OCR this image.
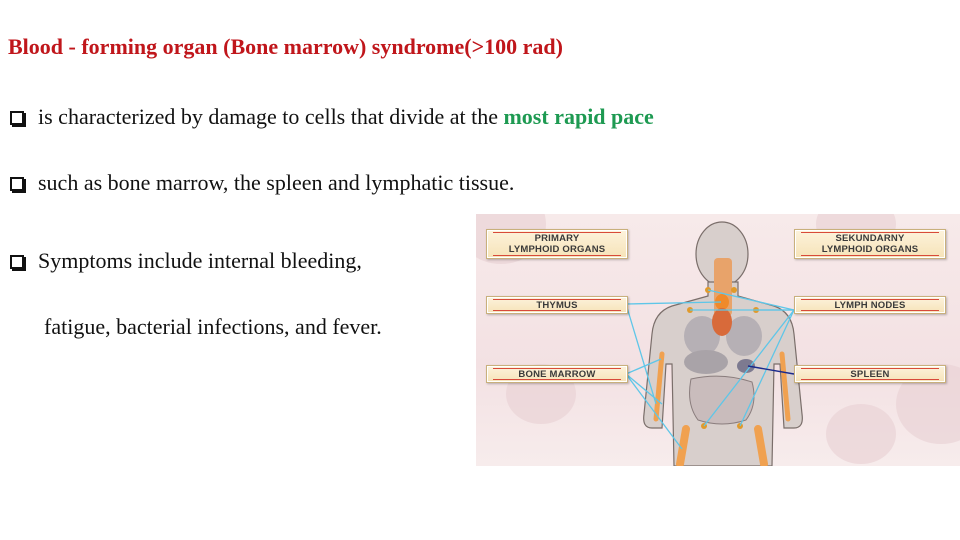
Blood - forming organ (Bone marrow) syndrome(>100 rad)
is characterized by damage to cells that divide at the most rapid pace
such as bone marrow, the spleen and lymphatic tissue.
Symptoms include internal bleeding,
fatigue, bacterial infections, and fever.
PRIMARY
LYMPHOID ORGANS
SEKUNDARNY
LYMPHOID ORGANS
THYMUS	LYMPH NODES
BONE MARROW	SPLEEN
